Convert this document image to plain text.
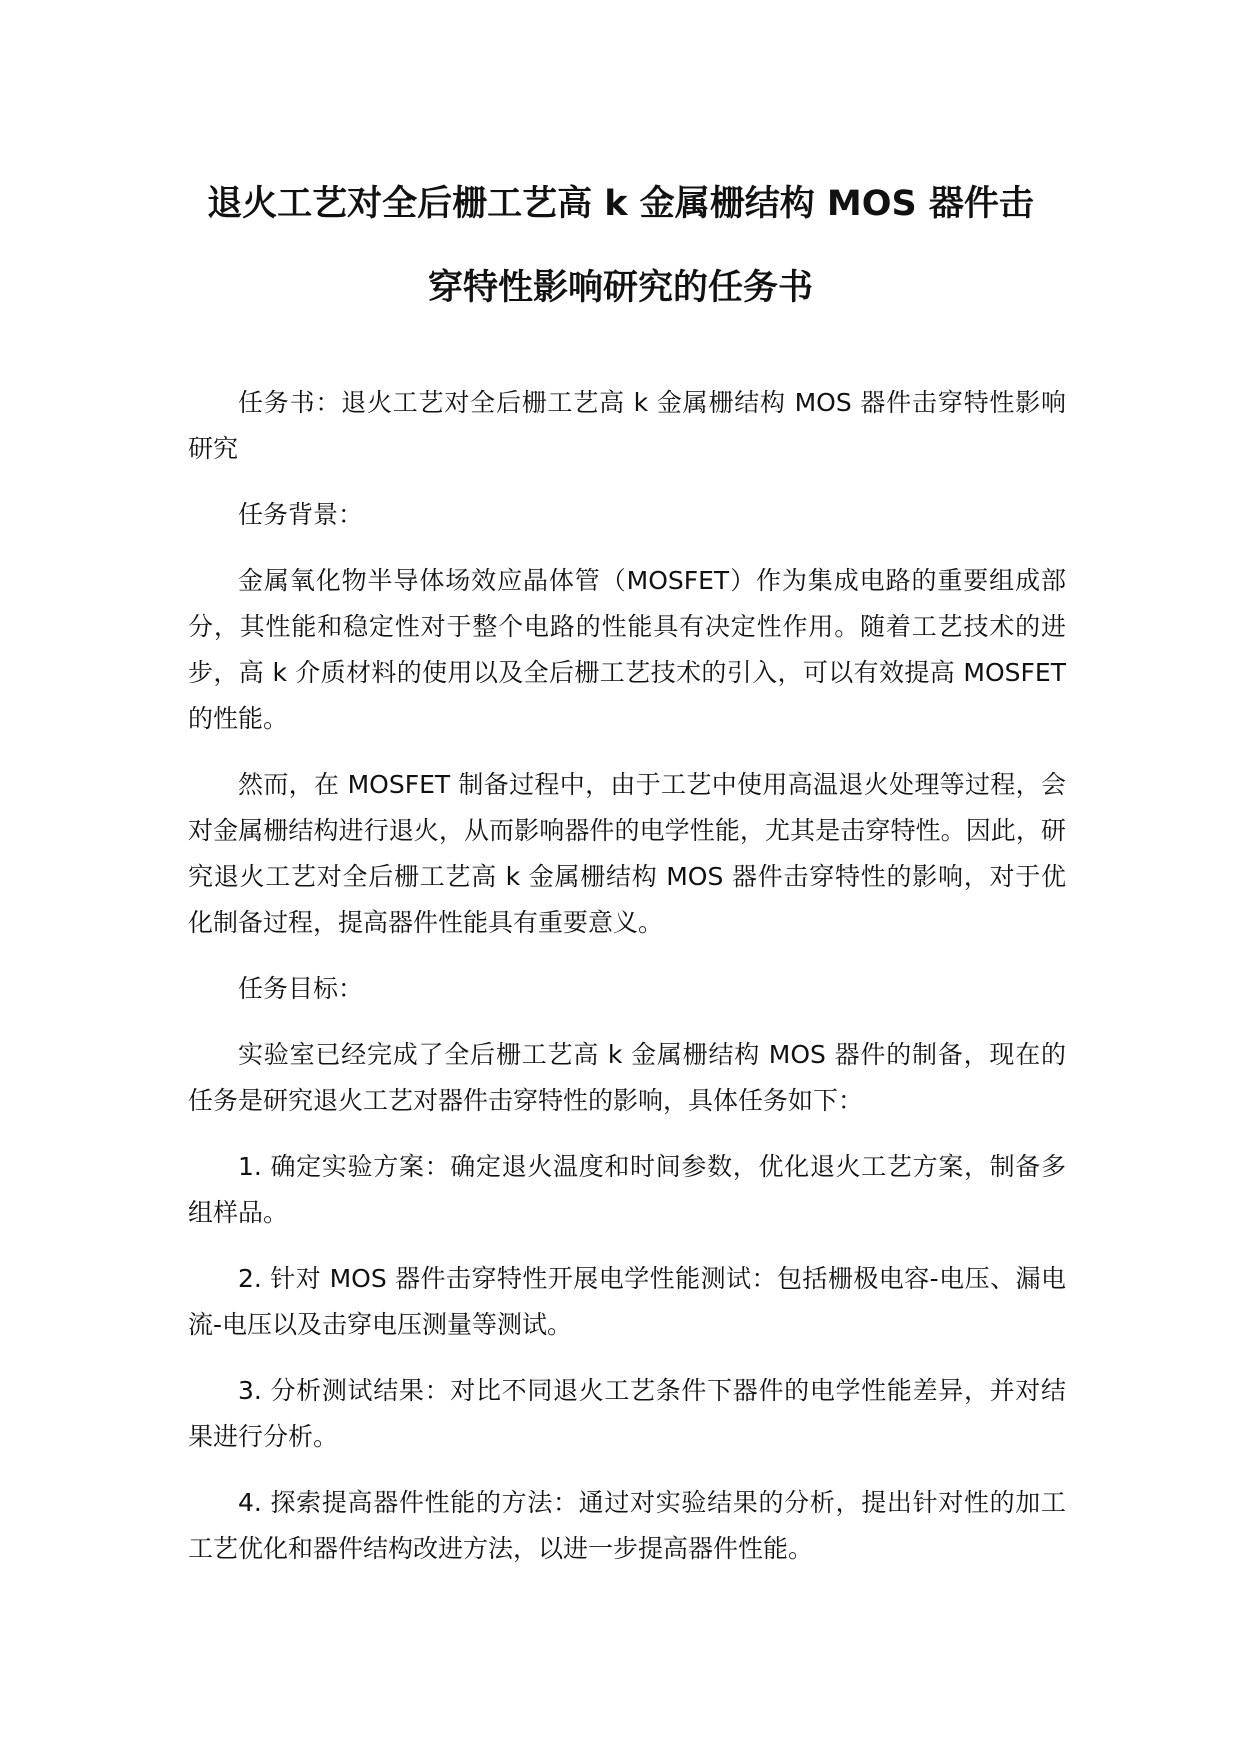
退火工艺对全后栅工艺高 k 金属栅结构 MOS 器件击
穿特性影响研究的任务书

任务书：退火工艺对全后栅工艺高 k 金属栅结构 MOS 器件击穿特性影响研究

任务背景：

金属氧化物半导体场效应晶体管（MOSFET）作为集成电路的重要组成部分，其性能和稳定性对于整个电路的性能具有决定性作用。随着工艺技术的进步，高 k 介质材料的使用以及全后栅工艺技术的引入，可以有效提高 MOSFET 的性能。

然而，在 MOSFET 制备过程中，由于工艺中使用高温退火处理等过程，会对金属栅结构进行退火，从而影响器件的电学性能，尤其是击穿特性。因此，研究退火工艺对全后栅工艺高 k 金属栅结构 MOS 器件击穿特性的影响，对于优化制备过程，提高器件性能具有重要意义。

任务目标：

实验室已经完成了全后栅工艺高 k 金属栅结构 MOS 器件的制备，现在的任务是研究退火工艺对器件击穿特性的影响，具体任务如下：

1. 确定实验方案：确定退火温度和时间参数，优化退火工艺方案，制备多组样品。

2. 针对 MOS 器件击穿特性开展电学性能测试：包括栅极电容-电压、漏电流-电压以及击穿电压测量等测试。

3. 分析测试结果：对比不同退火工艺条件下器件的电学性能差异，并对结果进行分析。

4. 探索提高器件性能的方法：通过对实验结果的分析，提出针对性的加工工艺优化和器件结构改进方法，以进一步提高器件性能。
